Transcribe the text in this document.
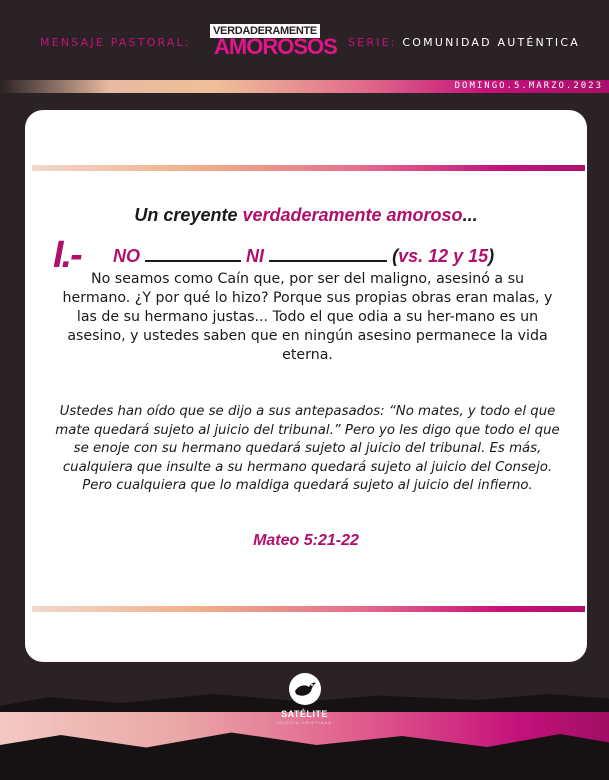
MENSAJE PASTORAL:
VERDADERAMENTE
AMOROSOS SERIE: COMUNIDAD AUTÉNTICA
DOMINGO.5.MARZO.2023
Un creyente verdaderamente amoroso...
I.- NO	NI	(vs. 12 y 15)
No seamos como Caín que, por ser del maligno, asesinó a su hermano. ¿Y por qué lo hizo? Porque sus propias obras eran malas, y las de su hermano justas... Todo el que odia a su her-mano es un asesino, y ustedes saben que en ningún asesino permanece la vida eterna.
Ustedes han oído que se dijo a sus antepasados: “No mates, y todo el que mate quedará sujeto al juicio del tribunal.” Pero yo les digo que todo el que se enoje con su hermano quedará sujeto al juicio del tribunal. Es más, cualquiera que insulte a su hermano quedará sujeto al juicio del Consejo. Pero cualquiera que lo maldiga quedará sujeto al juicio del infierno.
Mateo 5:21-22
SATÉLITE
IGLESIA CRISTIANA
